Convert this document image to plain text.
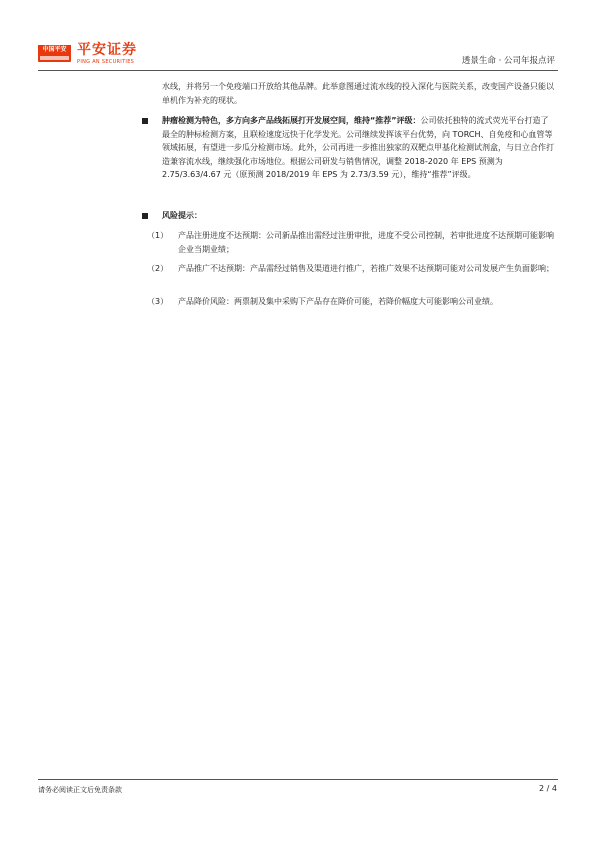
中国平安 平安证券
PING AN SECURITIES	透景生命 · 公司年报点评
水线，并将另一个免疫端口开放给其他品牌。此举意图通过流水线的投入深化与医院关系，改变国产设备只能以单机作为补充的现状。
肿瘤检测为特色，多方向多产品线拓展打开发展空间，维持“推荐”评级：公司依托独特的流式荧光平台打造了最全的肿标检测方案，且联检速度远快于化学发光。公司继续发挥该平台优势，向 TORCH、自免疫和心血管等领域拓展，有望进一步瓜分检测市场。此外，公司再进一步推出独家的双靶点甲基化检测试剂盒，与日立合作打造兼容流水线，继续强化市场地位。根据公司研发与销售情况，调整 2018-2020 年 EPS 预测为 2.75/3.63/4.67 元（原预测 2018/2019 年 EPS 为 2.73/3.59 元），维持“推荐”评级。
风险提示：
（1） 产品注册进度不达预期：公司新品推出需经过注册审批，进度不受公司控制，若审批进度不达预期可能影响企业当期业绩；
（2） 产品推广不达预期：产品需经过销售及渠道进行推广，若推广效果不达预期可能对公司发展产生负面影响；
（3） 产品降价风险：两票制及集中采购下产品存在降价可能，若降价幅度大可能影响公司业绩。
请务必阅读正文后免责条款	2 / 4
